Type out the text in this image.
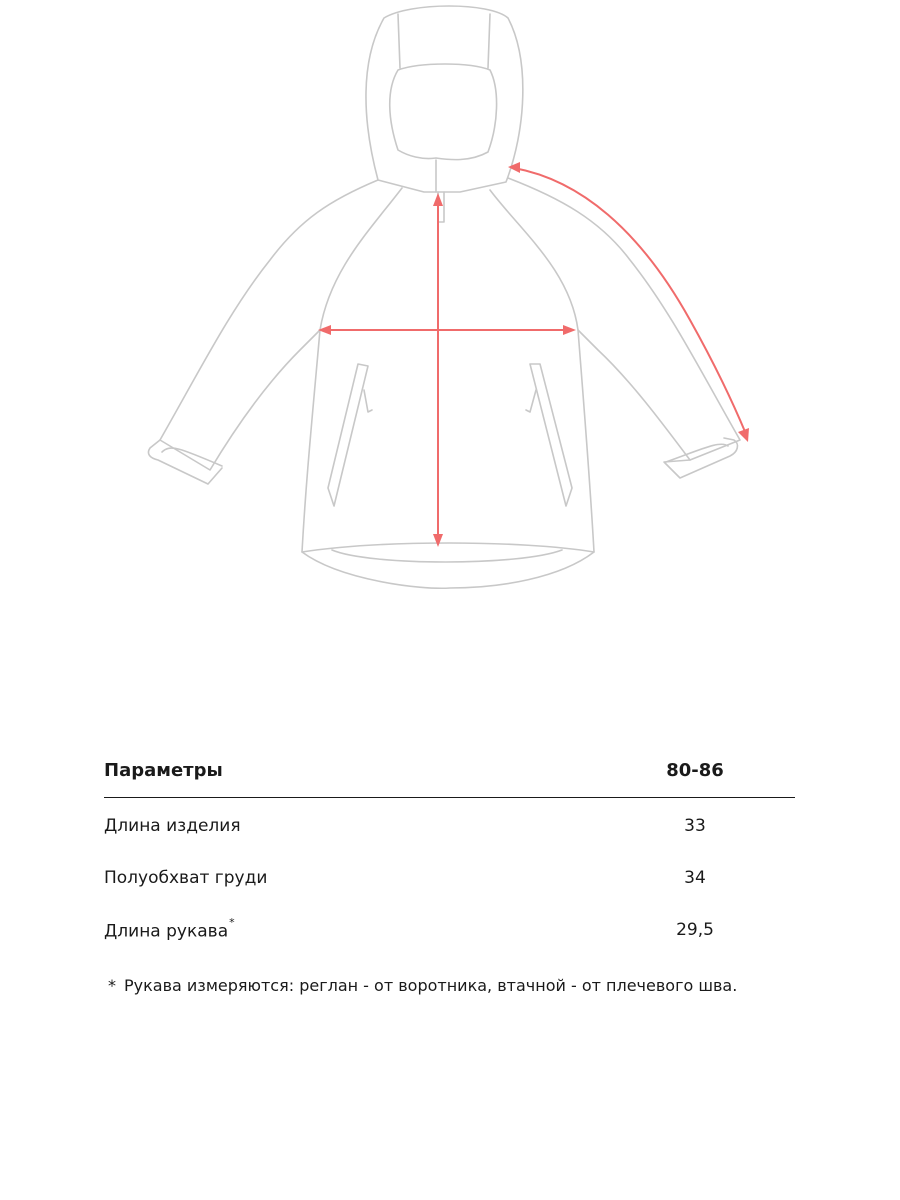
Параметры	80-86
Длина изделия	33
Полуобхват груди	34
Длина рукава*	29,5
* Рукава измеряются: реглан - от воротника, втачной - от плечевого шва.
